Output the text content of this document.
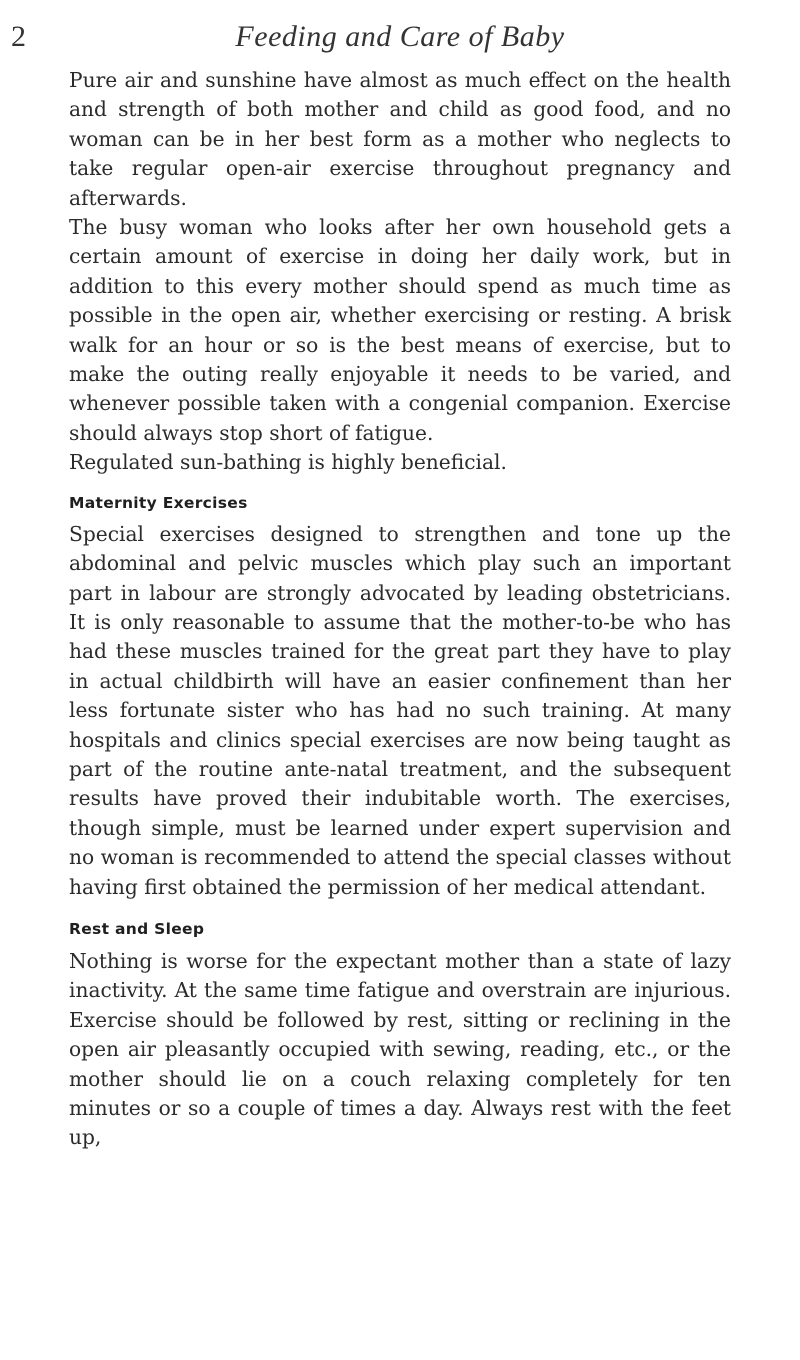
2	Feeding and Care of Baby

Pure air and sunshine have almost as much effect on the health and strength of both mother and child as good food, and no woman can be in her best form as a mother who neglects to take regular open-air exercise throughout pregnancy and afterwards.

The busy woman who looks after her own household gets a certain amount of exercise in doing her daily work, but in addition to this every mother should spend as much time as possible in the open air, whether exercising or resting. A brisk walk for an hour or so is the best means of exercise, but to make the outing really enjoyable it needs to be varied, and whenever possible taken with a congenial companion. Exercise should always stop short of fatigue.

Regulated sun-bathing is highly beneficial.

Maternity Exercises

Special exercises designed to strengthen and tone up the abdominal and pelvic muscles which play such an important part in labour are strongly advocated by leading obstetricians. It is only reasonable to assume that the mother-to-be who has had these muscles trained for the great part they have to play in actual childbirth will have an easier confinement than her less fortunate sister who has had no such training. At many hospitals and clinics special exercises are now being taught as part of the routine ante-natal treatment, and the subsequent results have proved their indubitable worth. The exercises, though simple, must be learned under expert supervision and no woman is recommended to attend the special classes without having first obtained the permission of her medical attendant.

Rest and Sleep

Nothing is worse for the expectant mother than a state of lazy inactivity. At the same time fatigue and overstrain are injurious. Exercise should be followed by rest, sitting or reclining in the open air pleasantly occupied with sewing, reading, etc., or the mother should lie on a couch relaxing completely for ten minutes or so a couple of times a day. Always rest with the feet up,
